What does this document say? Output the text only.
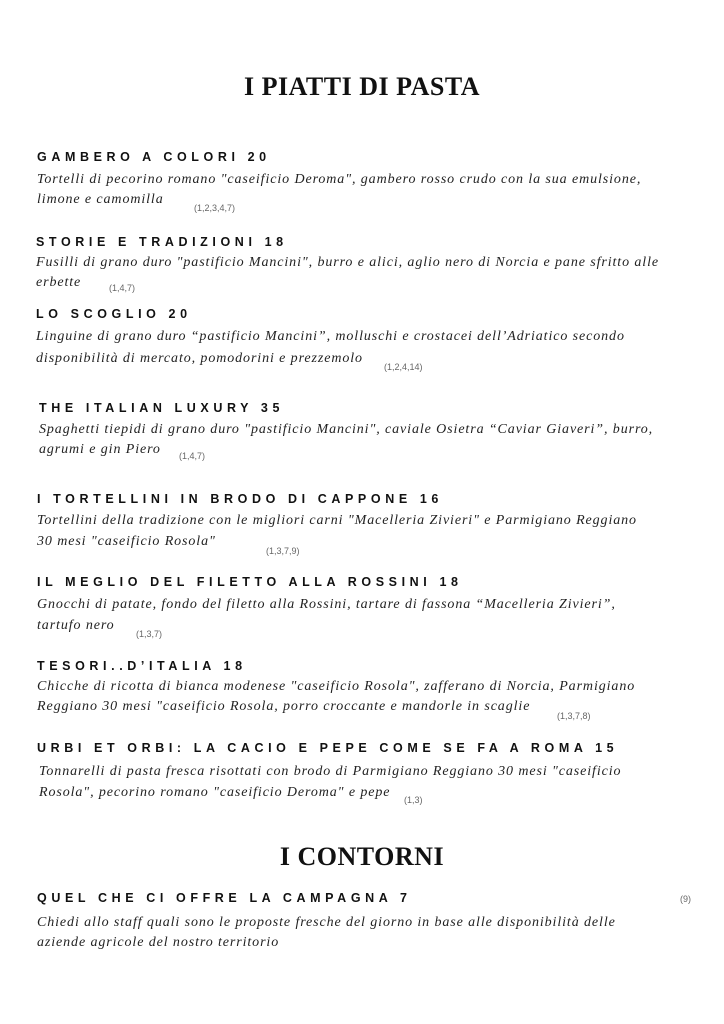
I PIATTI DI PASTA
GAMBERO A COLORI 20
Tortelli di pecorino romano "caseificio Deroma", gambero rosso crudo con la sua emulsione,
limone e camomilla
(1,2,3,4,7)
STORIE E TRADIZIONI 18
Fusilli di grano duro "pastificio Mancini", burro e alici, aglio nero di Norcia e pane sfritto alle
erbette	(1,4,7)
LO SCOGLIO 20
Linguine di grano duro “pastificio Mancini”, molluschi e crostacei dell’Adriatico secondo
disponibilità di mercato, pomodorini e prezzemolo
(1,2,4,14)
THE ITALIAN LUXURY 35
Spaghetti tiepidi di grano duro "pastificio Mancini", caviale Osietra “Caviar Giaveri”, burro,
agrumi e gin Piero (1,4,7)
I TORTELLINI IN BRODO DI CAPPONE 16
Tortellini della tradizione con le migliori carni "Macelleria Zivieri" e Parmigiano Reggiano
30 mesi "caseificio Rosola"
(1,3,7,9)
IL MEGLIO DEL FILETTO ALLA ROSSINI 18
Gnocchi di patate, fondo del filetto alla Rossini, tartare di fassona “Macelleria Zivieri”,
tartufo nero
(1,3,7)
TESORI..D’ITALIA 18
Chicche di ricotta di bianca modenese "caseificio Rosola", zafferano di Norcia, Parmigiano
Reggiano 30 mesi "caseificio Rosola, porro croccante e mandorle in scaglie
(1,3,7,8)
URBI ET ORBI: LA CACIO E PEPE COME SE FA A ROMA 15
Tonnarelli di pasta fresca risottati con brodo di Parmigiano Reggiano 30 mesi "caseificio
Rosola", pecorino romano "caseificio Deroma" e pepe (1,3)
I CONTORNI
QUEL CHE CI OFFRE LA CAMPAGNA 7	(9)
Chiedi allo staff quali sono le proposte fresche del giorno in base alle disponibilità delle
aziende agricole del nostro territorio
